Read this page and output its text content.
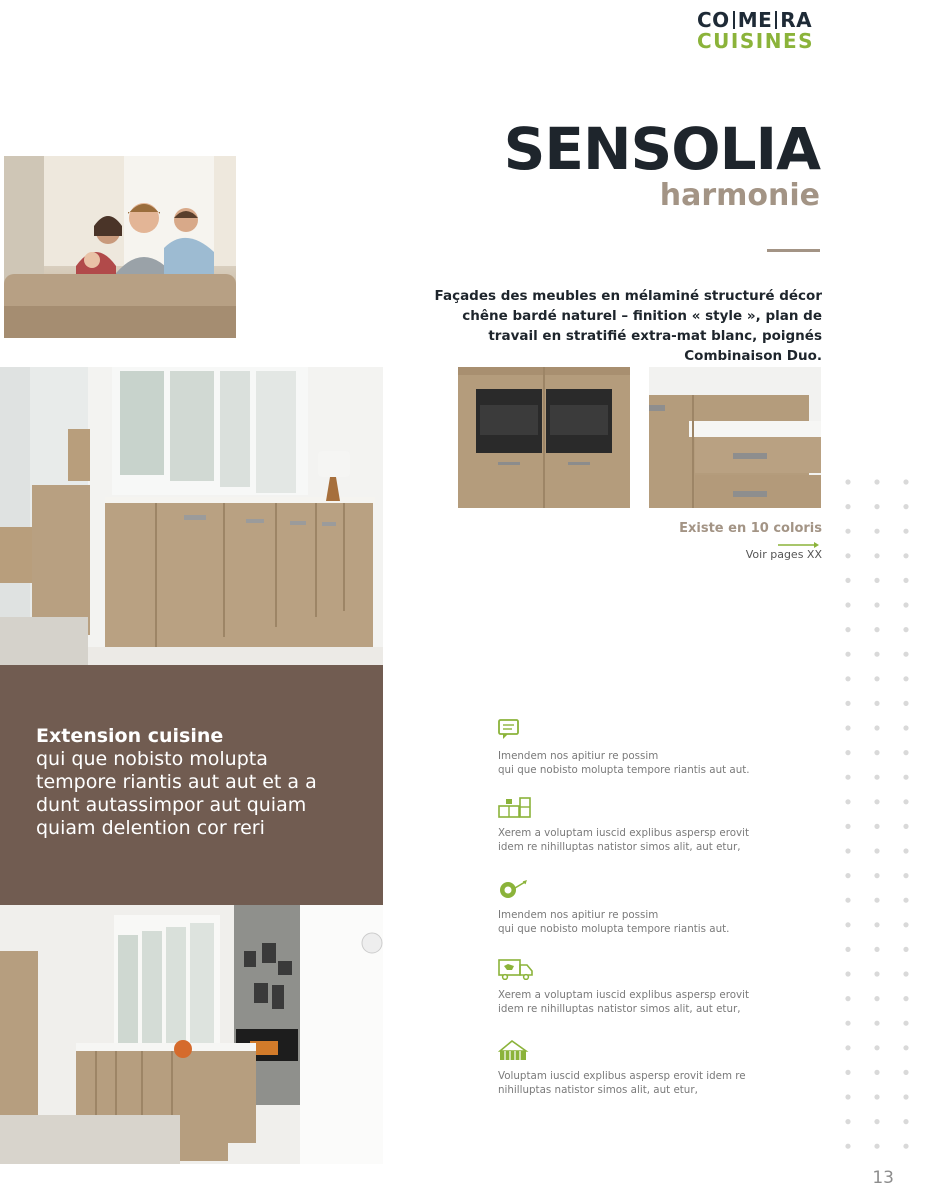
CO ME RA
CUISINES
SENSOLIA
harmonie

Façades des meubles en mélaminé structuré décor chêne bardé naturel – finition « style », plan de travail en stratifié extra-mat blanc, poignés Combinaison Duo.

Existe en 10 coloris
Voir pages XX
Extension cuisine
qui que nobisto molupta tempore riantis aut aut et a a dunt autassimpor aut quiam quiam delention cor reri
Imendem nos apitiur re possim
qui que nobisto molupta tempore riantis aut aut.
Xerem a voluptam iuscid explibus aspersp erovit
idem re nihilluptas natistor simos alit, aut etur,
Imendem nos apitiur re possim
qui que nobisto molupta tempore riantis aut.
Xerem a voluptam iuscid explibus aspersp erovit
idem re nihilluptas natistor simos alit, aut etur,
Voluptam iuscid explibus aspersp erovit idem re
nihilluptas natistor simos alit, aut etur,
13
